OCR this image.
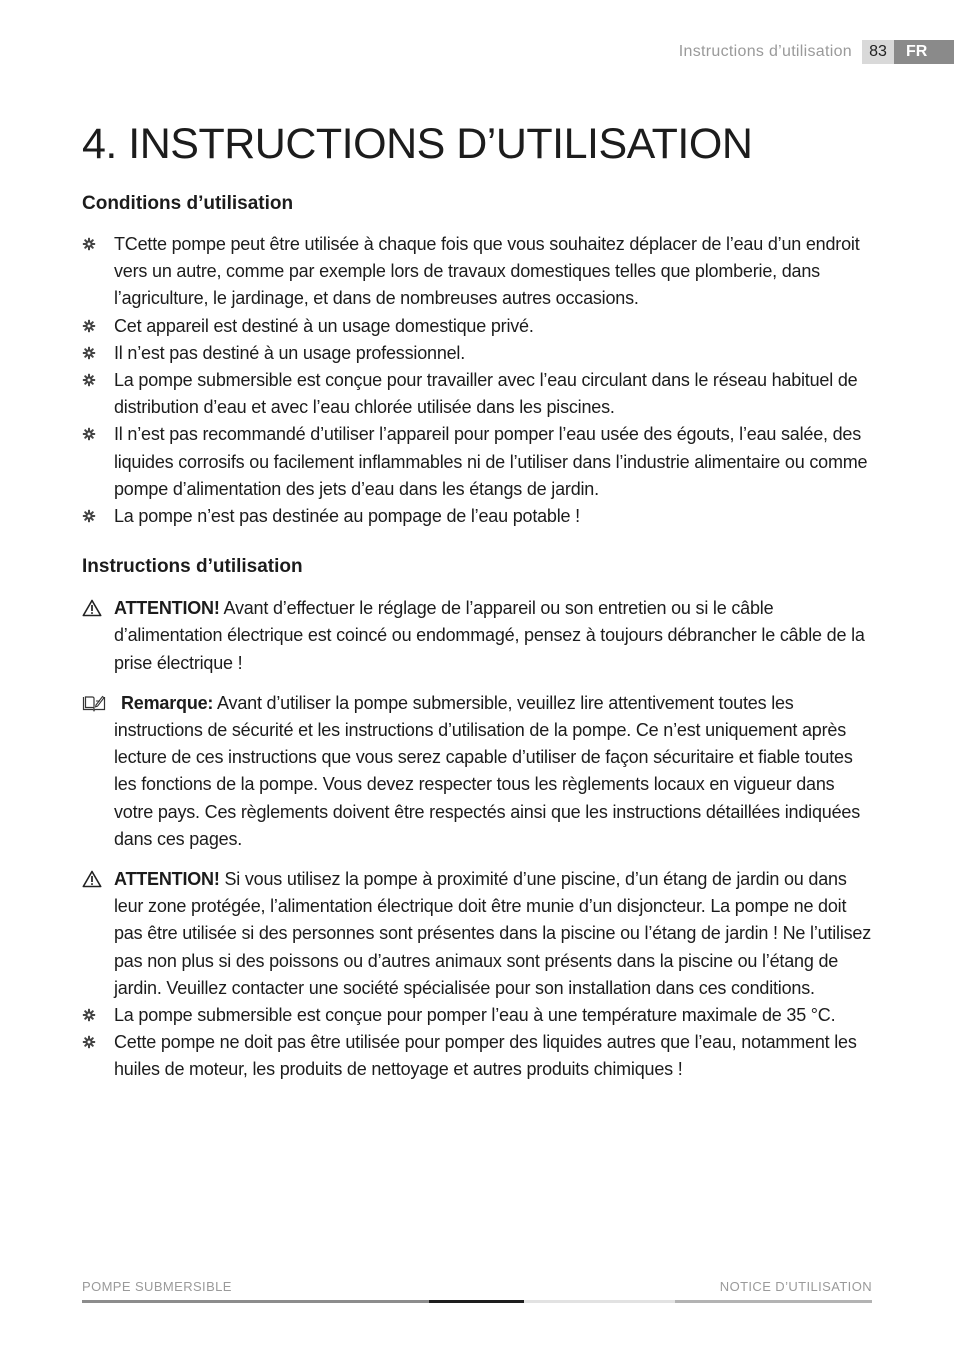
Instructions d’utilisation	83	FR
4. INSTRUCTIONS D’UTILISATION
Conditions d’utilisation
TCette pompe peut être utilisée à chaque fois que vous souhaitez déplacer de l’eau d’un endroit vers un autre, comme par exemple lors de travaux domestiques telles que plomberie, dans l’agriculture, le jardinage, et dans de nombreuses autres occasions.
Cet appareil est destiné à un usage domestique privé.
Il n’est pas destiné à un usage professionnel.
La pompe submersible est conçue pour travailler avec l’eau circulant dans le réseau habituel de distribution d’eau et avec l’eau chlorée utilisée dans les piscines.
Il n’est pas recommandé d’utiliser l’appareil pour pomper l’eau usée des égouts, l’eau salée, des liquides corrosifs ou facilement inflammables ni de l’utiliser dans l’industrie alimentaire ou comme pompe d’alimentation des jets d’eau dans les étangs de jardin.
La pompe n’est pas destinée au pompage de l’eau potable !
Instructions d’utilisation
ATTENTION! Avant d’effectuer le réglage de l’appareil ou son entretien ou si le câble d’alimentation électrique est coincé ou endommagé, pensez à toujours débrancher le câble de la prise électrique !
Remarque: Avant d’utiliser la pompe submersible, veuillez lire attentivement toutes les instructions de sécurité et les instructions d’utilisation de la pompe. Ce n’est uniquement après lecture de ces instructions que vous serez capable d’utiliser de façon sécuritaire et fiable toutes les fonctions de la pompe. Vous devez respecter tous les règlements locaux en vigueur dans votre pays. Ces règlements doivent être respectés ainsi que les instructions détaillées indiquées dans ces pages.
ATTENTION! Si vous utilisez la pompe à proximité d’une piscine, d’un étang de jardin ou dans leur zone protégée, l’alimentation électrique doit être munie d’un disjoncteur. La pompe ne doit pas être utilisée si des personnes sont présentes dans la piscine ou l’étang de jardin ! Ne l’utilisez pas non plus si des poissons ou d’autres animaux sont présents dans la piscine ou l’étang de jardin. Veuillez contacter une société spécialisée pour son installation dans ces conditions.
La pompe submersible est conçue pour pomper l’eau à une température maximale de 35 °C.
Cette pompe ne doit pas être utilisée pour pomper des liquides autres que l’eau, notamment les huiles de moteur, les produits de nettoyage et autres produits chimiques !
POMPE SUBMERSIBLE	NOTICE D’UTILISATION
